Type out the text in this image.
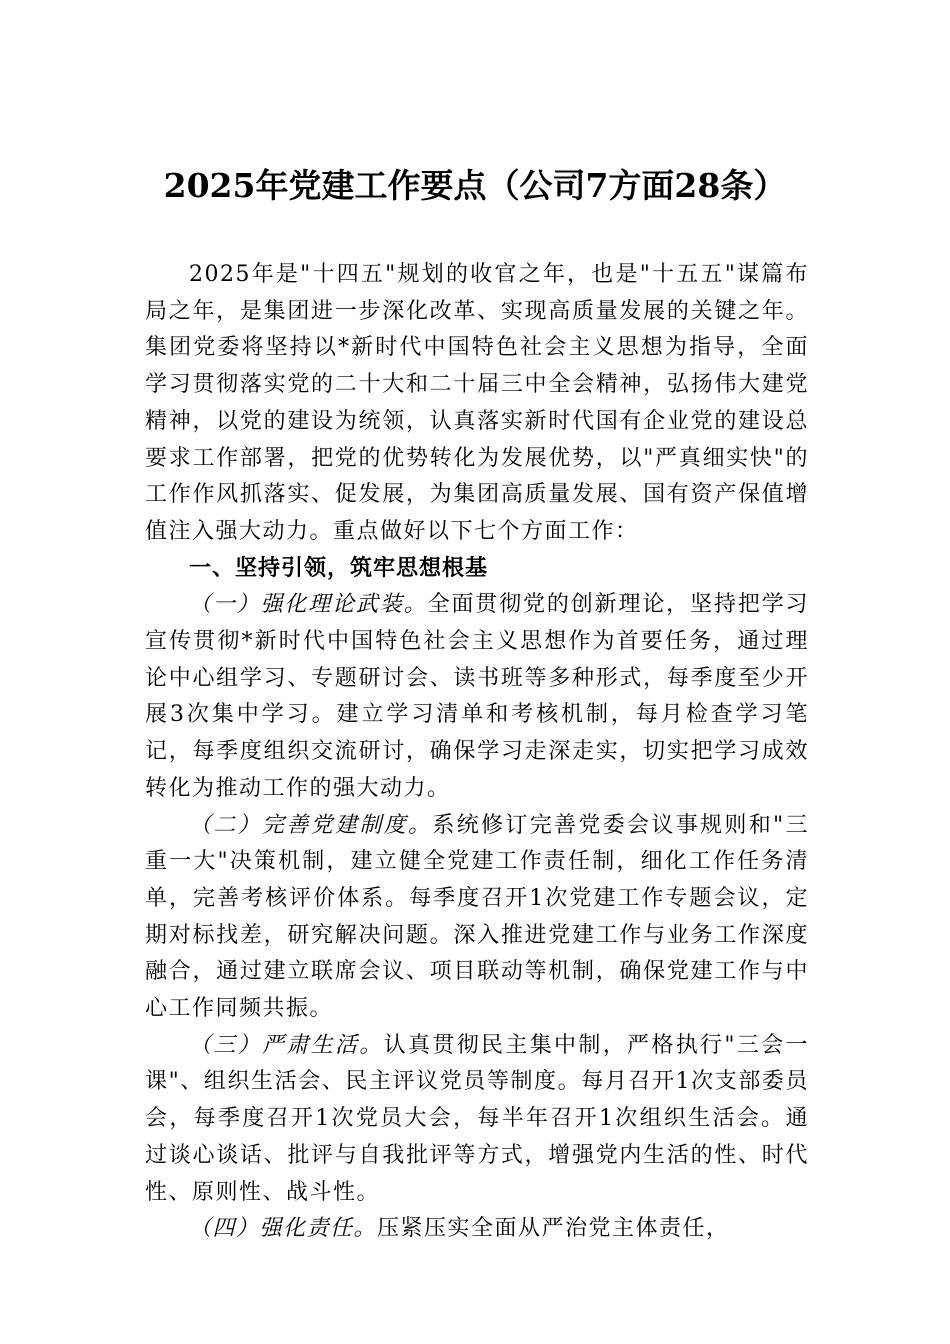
2025年党建工作要点（公司7方面28条）

2025年是"十四五"规划的收官之年，也是"十五五"谋篇布局之年，是集团进一步深化改革、实现高质量发展的关键之年。集团党委将坚持以*新时代中国特色社会主义思想为指导，全面学习贯彻落实党的二十大和二十届三中全会精神，弘扬伟大建党精神，以党的建设为统领，认真落实新时代国有企业党的建设总要求工作部署，把党的优势转化为发展优势，以"严真细实快"的工作作风抓落实、促发展，为集团高质量发展、国有资产保值增值注入强大动力。重点做好以下七个方面工作：

一、坚持引领，筑牢思想根基

（一）强化理论武装。全面贯彻党的创新理论，坚持把学习宣传贯彻*新时代中国特色社会主义思想作为首要任务，通过理论中心组学习、专题研讨会、读书班等多种形式，每季度至少开展3次集中学习。建立学习清单和考核机制，每月检查学习笔记，每季度组织交流研讨，确保学习走深走实，切实把学习成效转化为推动工作的强大动力。

（二）完善党建制度。系统修订完善党委会议事规则和"三重一大"决策机制，建立健全党建工作责任制，细化工作任务清单，完善考核评价体系。每季度召开1次党建工作专题会议，定期对标找差，研究解决问题。深入推进党建工作与业务工作深度融合，通过建立联席会议、项目联动等机制，确保党建工作与中心工作同频共振。

（三）严肃生活。认真贯彻民主集中制，严格执行"三会一课"、组织生活会、民主评议党员等制度。每月召开1次支部委员会，每季度召开1次党员大会，每半年召开1次组织生活会。通过谈心谈话、批评与自我批评等方式，增强党内生活的性、时代性、原则性、战斗性。

（四）强化责任。压紧压实全面从严治党主体责任，
